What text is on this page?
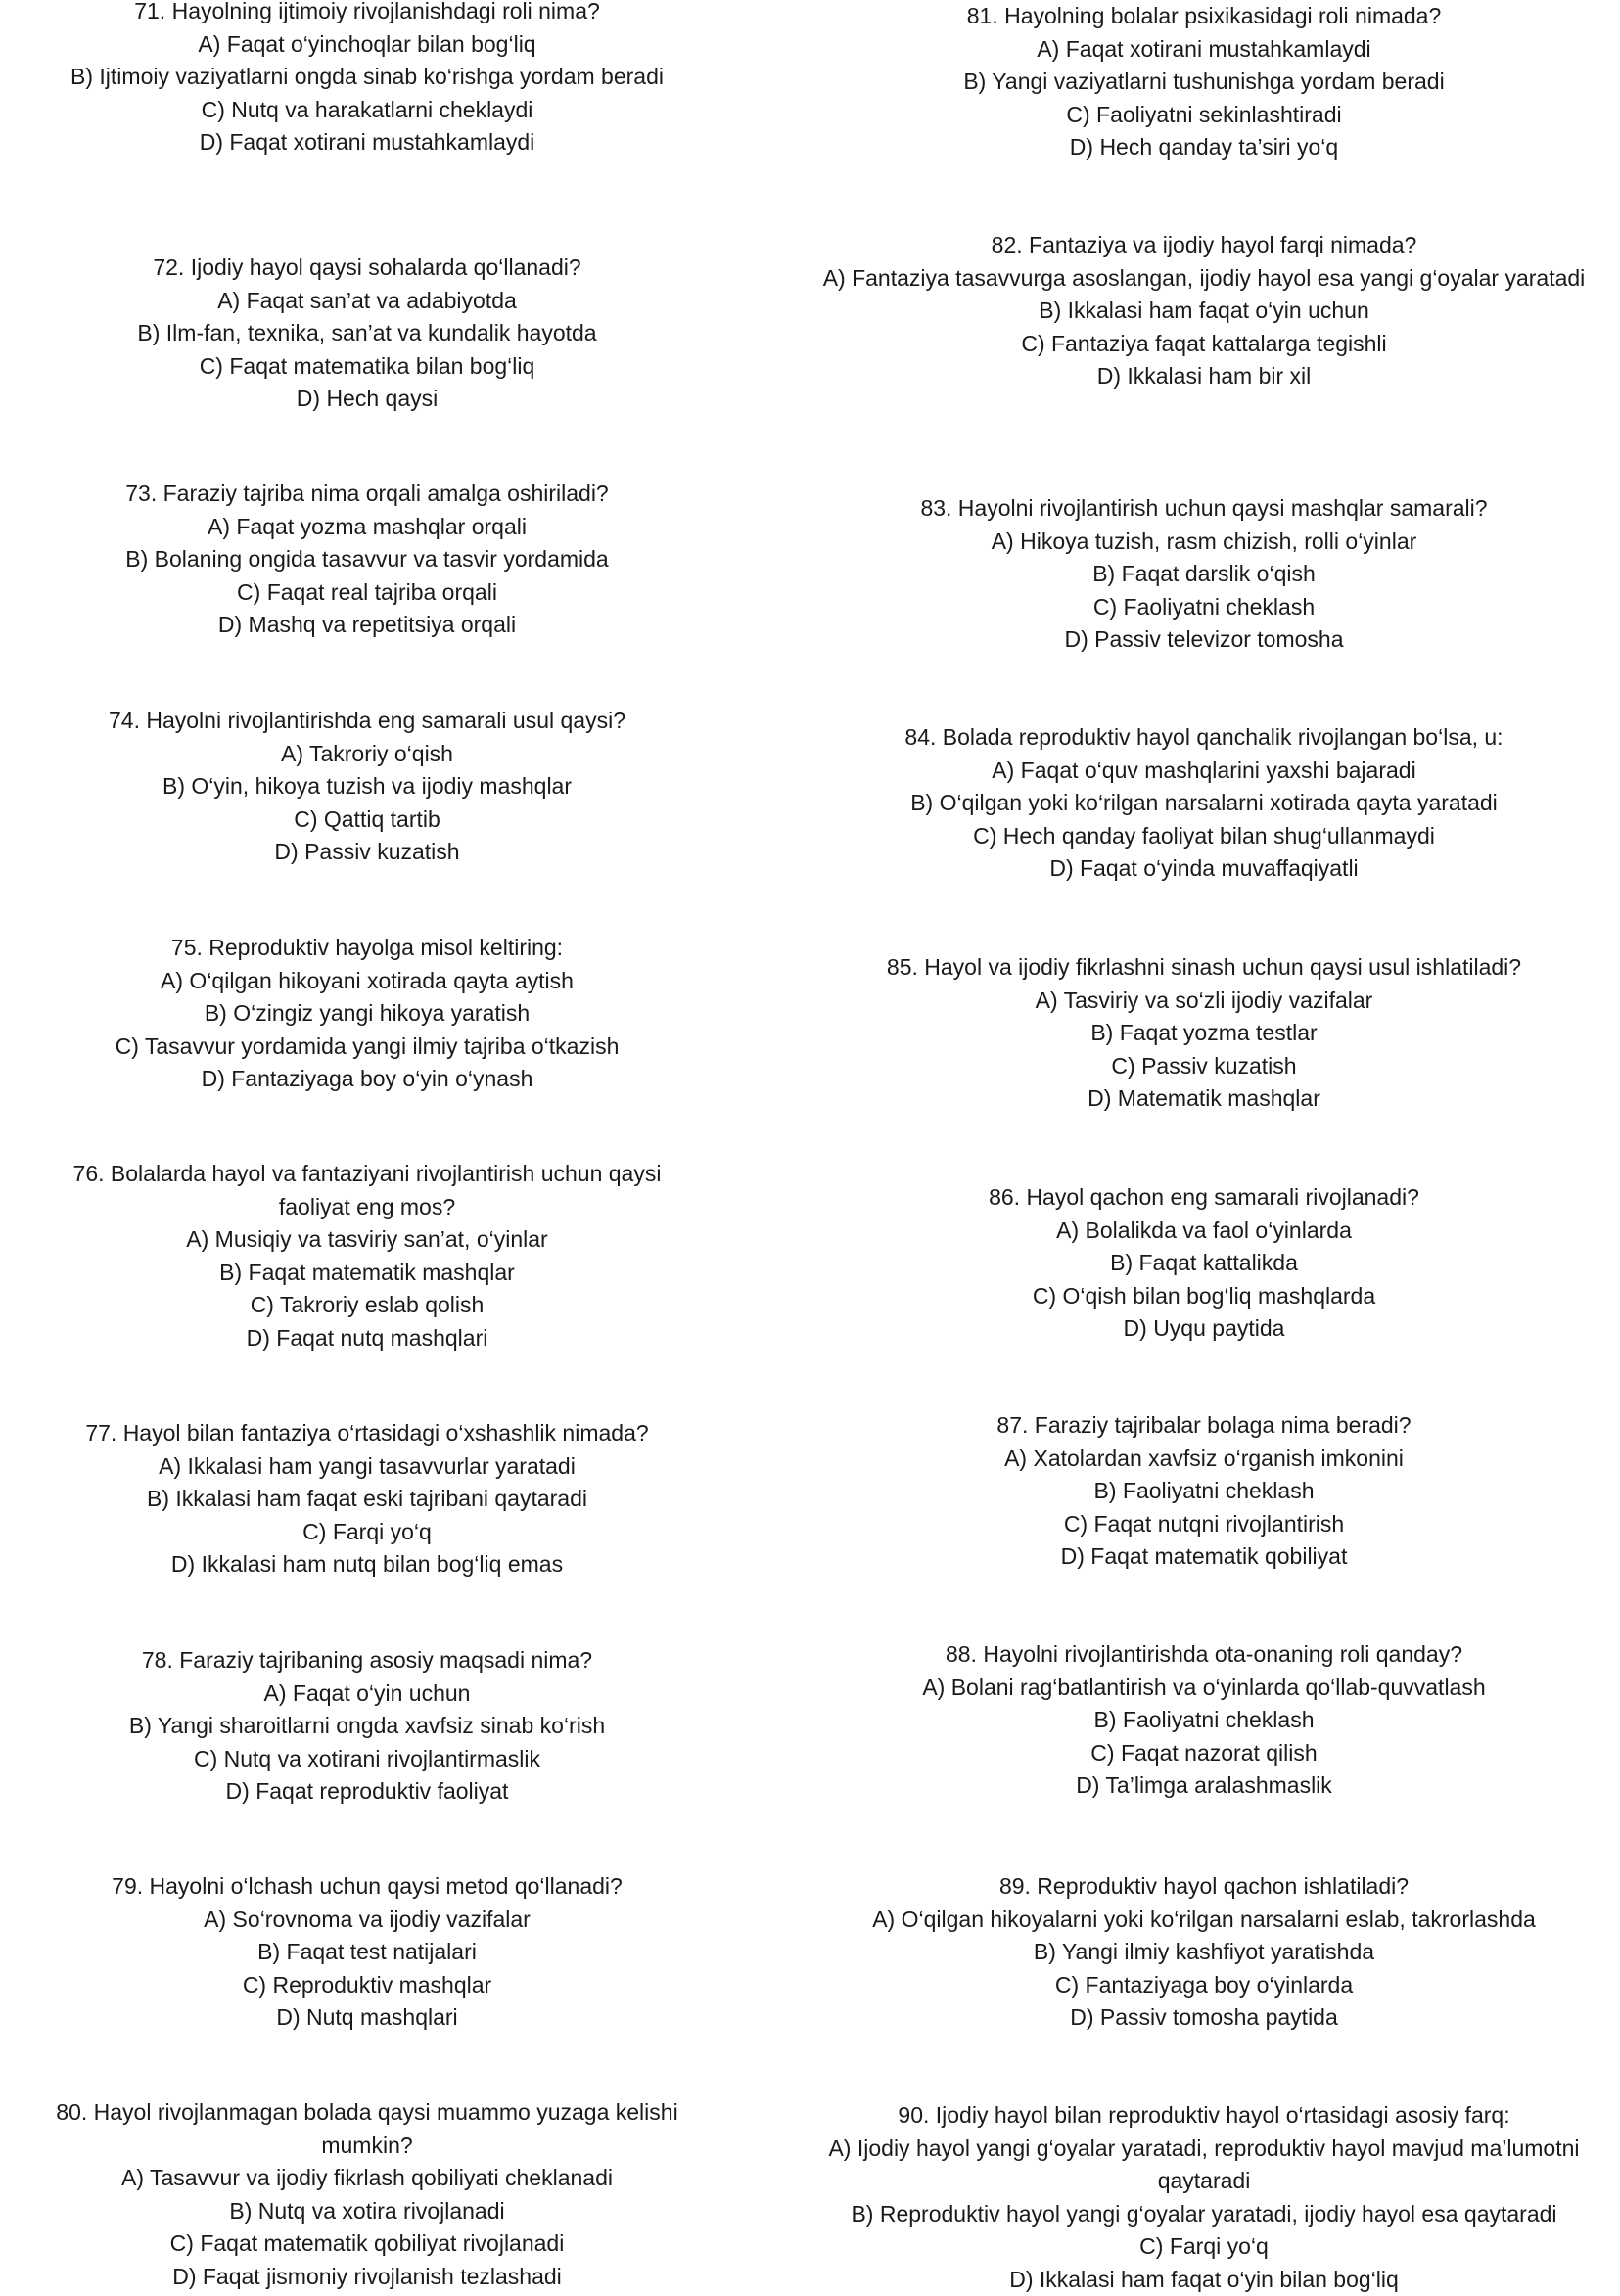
71. Hayolning ijtimoiy rivojlanishdagi roli nima?
A) Faqat o‘yinchoqlar bilan bog‘liq
B) Ijtimoiy vaziyatlarni ongda sinab ko‘rishga yordam beradi
C) Nutq va harakatlarni cheklaydi
D) Faqat xotirani mustahkamlaydi
72. Ijodiy hayol qaysi sohalarda qo‘llanadi?
A) Faqat san’at va adabiyotda
B) Ilm-fan, texnika, san’at va kundalik hayotda
C) Faqat matematika bilan bog‘liq
D) Hech qaysi
73. Faraziy tajriba nima orqali amalga oshiriladi?
A) Faqat yozma mashqlar orqali
B) Bolaning ongida tasavvur va tasvir yordamida
C) Faqat real tajriba orqali
D) Mashq va repetitsiya orqali
74. Hayolni rivojlantirishda eng samarali usul qaysi?
A) Takroriy o‘qish
B) O‘yin, hikoya tuzish va ijodiy mashqlar
C) Qattiq tartib
D) Passiv kuzatish
75. Reproduktiv hayolga misol keltiring:
A) O‘qilgan hikoyani xotirada qayta aytish
B) O‘zingiz yangi hikoya yaratish
C) Tasavvur yordamida yangi ilmiy tajriba o‘tkazish
D) Fantaziyaga boy o‘yin o‘ynash
76. Bolalarda hayol va fantaziyani rivojlantirish uchun qaysi faoliyat eng mos?
A) Musiqiy va tasviriy san’at, o‘yinlar
B) Faqat matematik mashqlar
C) Takroriy eslab qolish
D) Faqat nutq mashqlari
77. Hayol bilan fantaziya o‘rtasidagi o‘xshashlik nimada?
A) Ikkalasi ham yangi tasavvurlar yaratadi
B) Ikkalasi ham faqat eski tajribani qaytaradi
C) Farqi yo‘q
D) Ikkalasi ham nutq bilan bog‘liq emas
78. Faraziy tajribaning asosiy maqsadi nima?
A) Faqat o‘yin uchun
B) Yangi sharoitlarni ongda xavfsiz sinab ko‘rish
C) Nutq va xotirani rivojlantirmaslik
D) Faqat reproduktiv faoliyat
79. Hayolni o‘lchash uchun qaysi metod qo‘llanadi?
A) So‘rovnoma va ijodiy vazifalar
B) Faqat test natijalari
C) Reproduktiv mashqlar
D) Nutq mashqlari
80. Hayol rivojlanmagan bolada qaysi muammo yuzaga kelishi mumkin?
A) Tasavvur va ijodiy fikrlash qobiliyati cheklanadi
B) Nutq va xotira rivojlanadi
C) Faqat matematik qobiliyat rivojlanadi
D) Faqat jismoniy rivojlanish tezlashadi
81. Hayolning bolalar psixikasidagi roli nimada?
A) Faqat xotirani mustahkamlaydi
B) Yangi vaziyatlarni tushunishga yordam beradi
C) Faoliyatni sekinlashtiradi
D) Hech qanday ta’siri yo‘q
82. Fantaziya va ijodiy hayol farqi nimada?
A) Fantaziya tasavvurga asoslangan, ijodiy hayol esa yangi g‘oyalar yaratadi
B) Ikkalasi ham faqat o‘yin uchun
C) Fantaziya faqat kattalarga tegishli
D) Ikkalasi ham bir xil
83. Hayolni rivojlantirish uchun qaysi mashqlar samarali?
A) Hikoya tuzish, rasm chizish, rolli o‘yinlar
B) Faqat darslik o‘qish
C) Faoliyatni cheklash
D) Passiv televizor tomosha
84. Bolada reproduktiv hayol qanchalik rivojlangan bo‘lsa, u:
A) Faqat o‘quv mashqlarini yaxshi bajaradi
B) O‘qilgan yoki ko‘rilgan narsalarni xotirada qayta yaratadi
C) Hech qanday faoliyat bilan shug‘ullanmaydi
D) Faqat o‘yinda muvaffaqiyatli
85. Hayol va ijodiy fikrlashni sinash uchun qaysi usul ishlatiladi?
A) Tasviriy va so‘zli ijodiy vazifalar
B) Faqat yozma testlar
C) Passiv kuzatish
D) Matematik mashqlar
86. Hayol qachon eng samarali rivojlanadi?
A) Bolalikda va faol o‘yinlarda
B) Faqat kattalikda
C) O‘qish bilan bog‘liq mashqlarda
D) Uyqu paytida
87. Faraziy tajribalar bolaga nima beradi?
A) Xatolardan xavfsiz o‘rganish imkonini
B) Faoliyatni cheklash
C) Faqat nutqni rivojlantirish
D) Faqat matematik qobiliyat
88. Hayolni rivojlantirishda ota-onaning roli qanday?
A) Bolani rag‘batlantirish va o‘yinlarda qo‘llab-quvvatlash
B) Faoliyatni cheklash
C) Faqat nazorat qilish
D) Ta’limga aralashmaslik
89. Reproduktiv hayol qachon ishlatiladi?
A) O‘qilgan hikoyalarni yoki ko‘rilgan narsalarni eslab, takrorlashda
B) Yangi ilmiy kashfiyot yaratishda
C) Fantaziyaga boy o‘yinlarda
D) Passiv tomosha paytida
90. Ijodiy hayol bilan reproduktiv hayol o‘rtasidagi asosiy farq:
A) Ijodiy hayol yangi g‘oyalar yaratadi, reproduktiv hayol mavjud ma’lumotni qaytaradi
B) Reproduktiv hayol yangi g‘oyalar yaratadi, ijodiy hayol esa qaytaradi
C) Farqi yo‘q
D) Ikkalasi ham faqat o‘yin bilan bog‘liq
